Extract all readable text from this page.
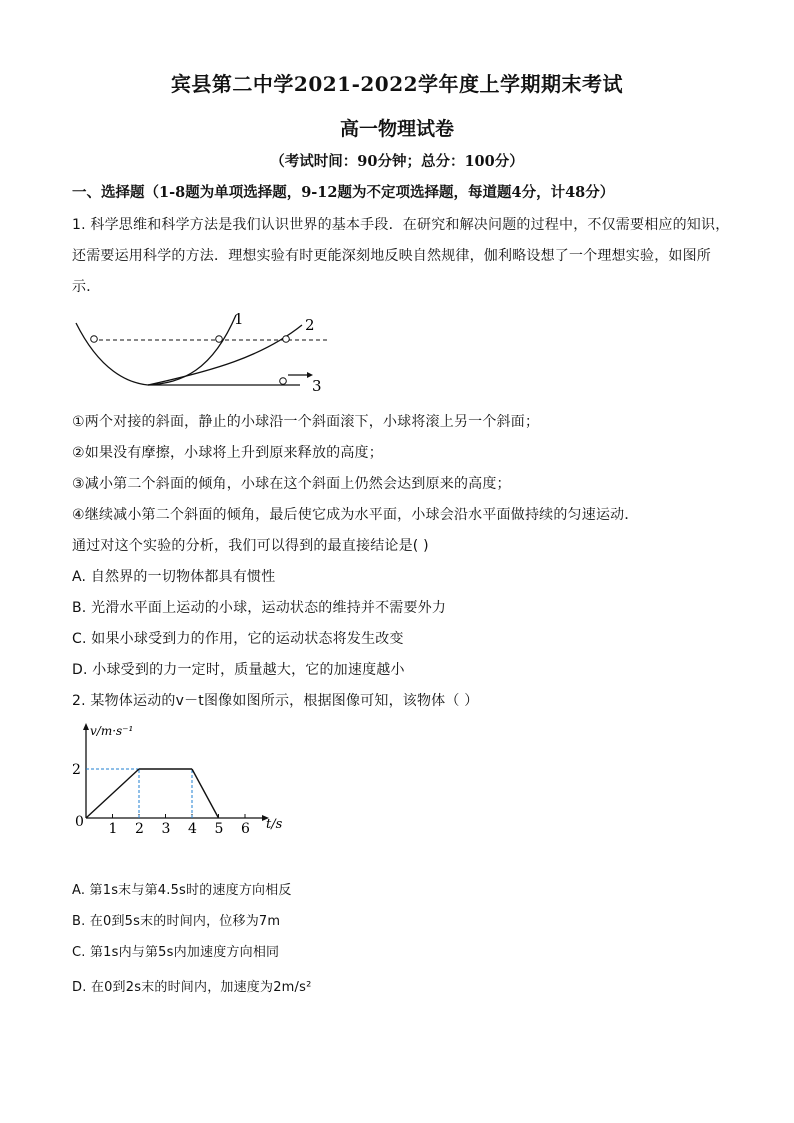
宾县第二中学2021-2022学年度上学期期末考试
高一物理试卷
（考试时间：90分钟；总分：100分）
一、选择题（1-8题为单项选择题，9-12题为不定项选择题，每道题4分，计48分）
1. 科学思维和科学方法是我们认识世界的基本手段．在研究和解决问题的过程中，不仅需要相应的知识，
还需要运用科学的方法．理想实验有时更能深刻地反映自然规律，伽利略设想了一个理想实验，如图所
示．
1	2
3
①两个对接的斜面，静止的小球沿一个斜面滚下，小球将滚上另一个斜面；
②如果没有摩擦，小球将上升到原来释放的高度；
③减小第二个斜面的倾角，小球在这个斜面上仍然会达到原来的高度；
④继续减小第二个斜面的倾角，最后使它成为水平面，小球会沿水平面做持续的匀速运动．
通过对这个实验的分析，我们可以得到的最直接结论是( )
A. 自然界的一切物体都具有惯性
B. 光滑水平面上运动的小球，运动状态的维持并不需要外力
C. 如果小球受到力的作用，它的运动状态将发生改变
D. 小球受到的力一定时，质量越大，它的加速度越小
2. 某物体运动的v－t图像如图所示，根据图像可知，该物体（ ）
v/m·s⁻¹
t/s
0 1 2 3 4 5 6
2
A. 第1s末与第4.5s时的速度方向相反
B. 在0到5s末的时间内，位移为7m
C. 第1s内与第5s内加速度方向相同
D. 在0到2s末的时间内，加速度为2m/s²
